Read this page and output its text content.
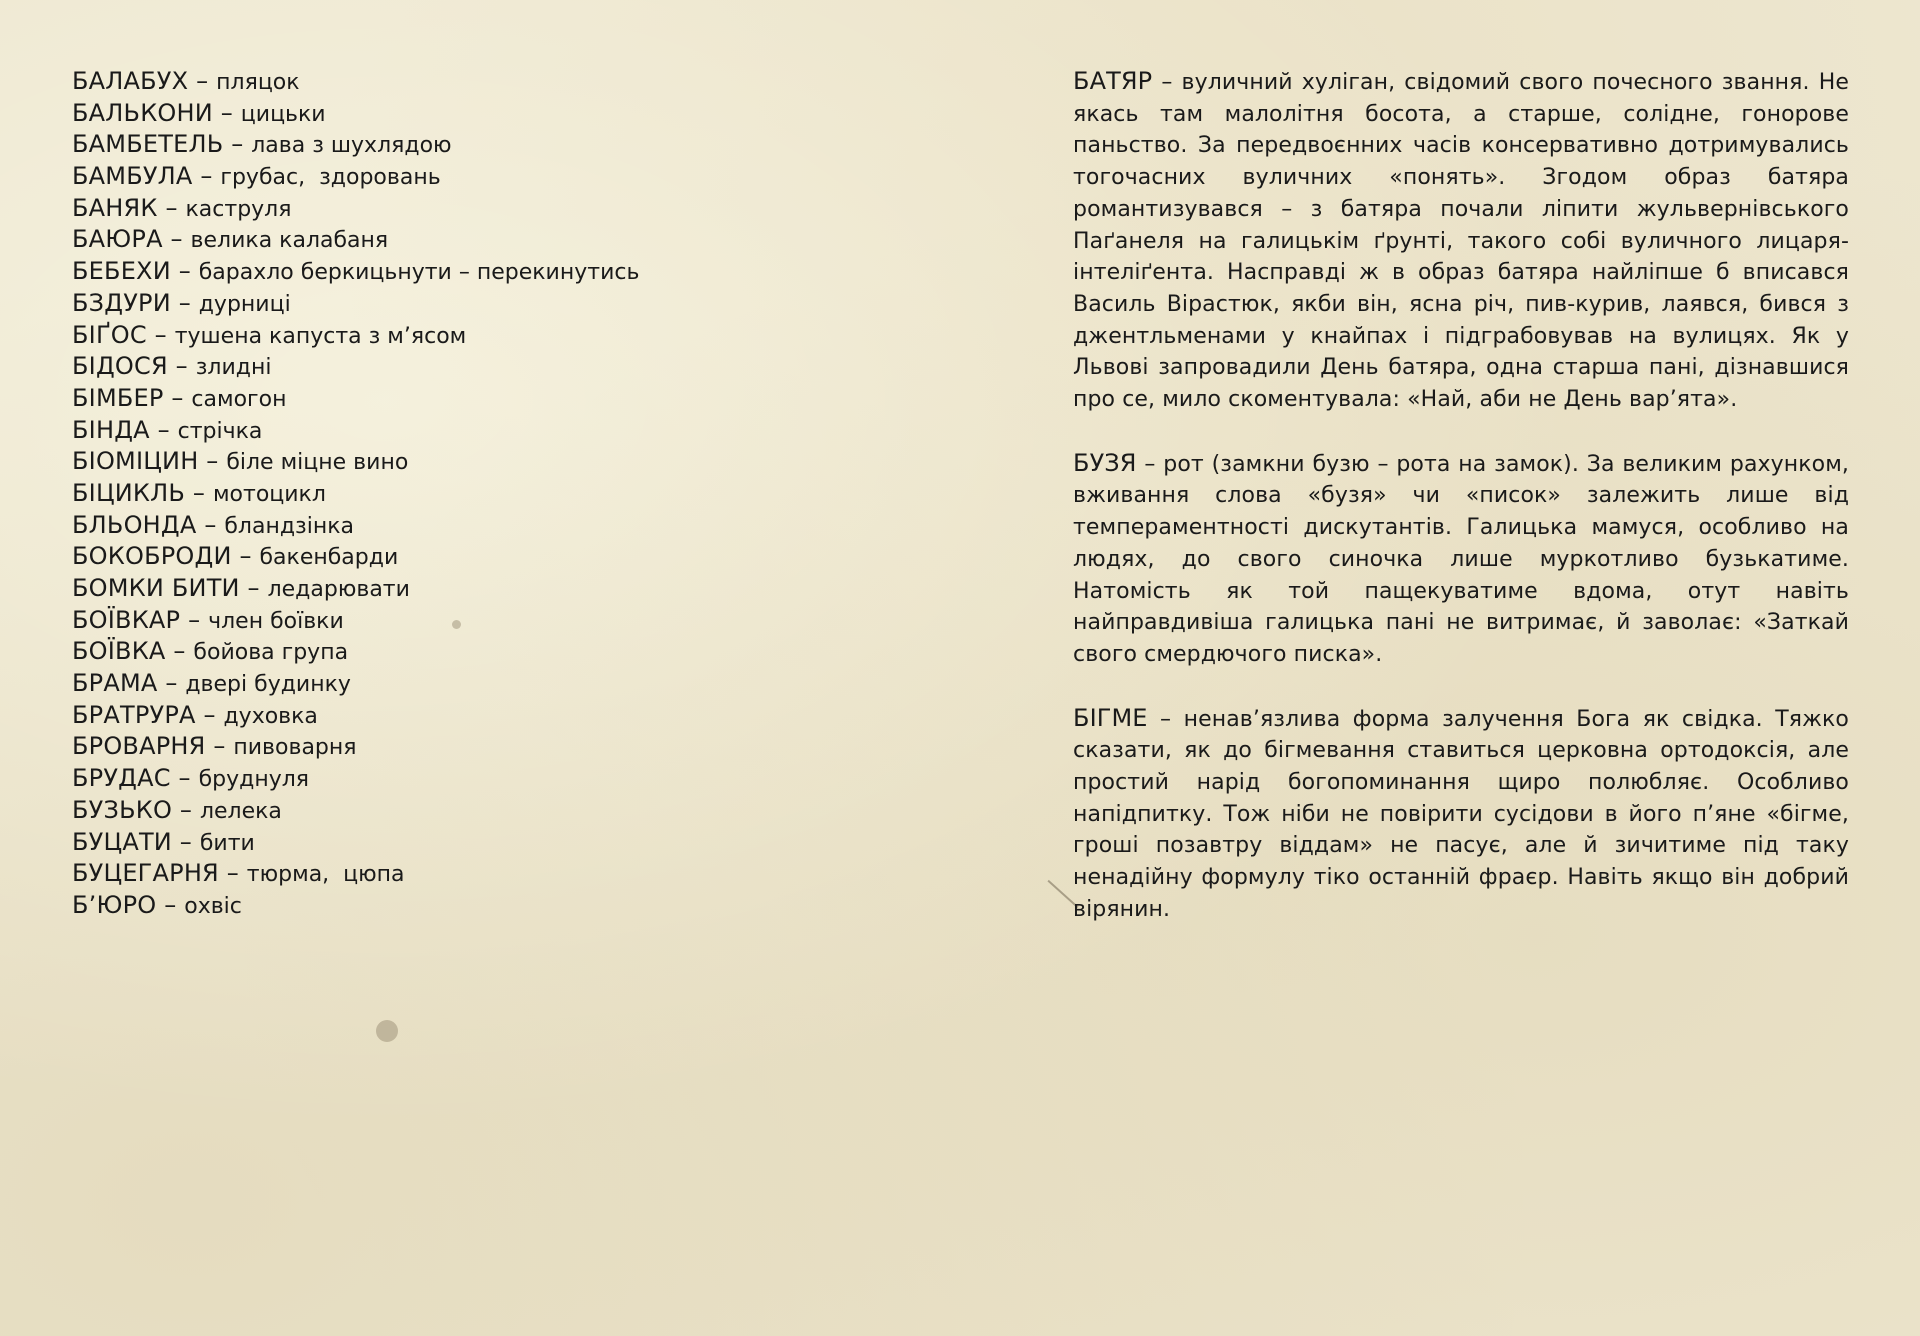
БАЛАБУХ – пляцок
БАЛЬКОНИ – цицьки
БАМБЕТЕЛЬ – лава з шухлядою
БАМБУЛА – грубас,  здоровань
БАНЯК – каструля
БАЮРА – велика калабаня
БЕБЕХИ – барахло беркицьнути – перекинутись
БЗДУРИ – дурниці
БІҐОС – тушена капуста з м’ясом
БІДОСЯ – злидні
БІМБЕР – самогон
БІНДА – стрічка
БІОМІЦИН – біле міцне вино
БІЦИКЛЬ – мотоцикл
БЛЬОНДА – бландзінка
БОКОБРОДИ – бакенбарди
БОМКИ БИТИ – ледарювати
БОЇВКАР – член боївки
БОЇВКА – бойова група
БРАМА – двері будинку
БРАТРУРА – духовка
БРОВАРНЯ – пивоварня
БРУДАС – бруднуля
БУЗЬКО – лелека
БУЦАТИ – бити
БУЦЕГАРНЯ – тюрма,  цюпа
Б’ЮРО – охвіс

БАТЯР – вуличний хуліган, свідомий свого почесного звання. Не якась там малолітня босота, а старше, солідне, гонорове паньство. За передвоєнних часів консервативно дотримувались тогочасних вуличних «понять». Згодом образ батяра романтизувався – з батяра почали ліпити жульвернівського Паґанеля на галицькім ґрунті, такого собі вуличного лицаря-інтеліґента. Насправді ж в образ батяра найліпше б вписався Василь Вірастюк, якби він, ясна річ, пив-курив, лаявся, бився з джентльменами у кнайпах і підграбовував на вулицях. Як у Львові запровадили День батяра, одна старша пані, дізнавшися про се, мило скоментувала: «Най, аби не День вар’ята».

БУЗЯ – рот (замкни бузю – рота на замок). За великим рахунком, вживання слова «бузя» чи «писок» залежить лише від темпераментності дискутантів. Галицька мамуся, особливо на людях, до свого синочка лише муркотливо бузькатиме. Натомість як той пащекуватиме вдома, отут навіть найправдивіша галицька пані не витримає, й заволає: «Заткай свого смердючого писка».

БІГМЕ – ненав’язлива форма залучення Бога як свідка. Тяжко сказати, як до бігмевання ставиться церковна ортодоксія, але простий нарід богопоминання щиро полюбляє. Особливо напідпитку. Тож ніби не повірити сусідови в його п’яне «бігме, гроші позавтру віддам» не пасує, але й зичитиме під таку ненадійну формулу тіко останній фраєр. Навіть якщо він добрий вірянин.
